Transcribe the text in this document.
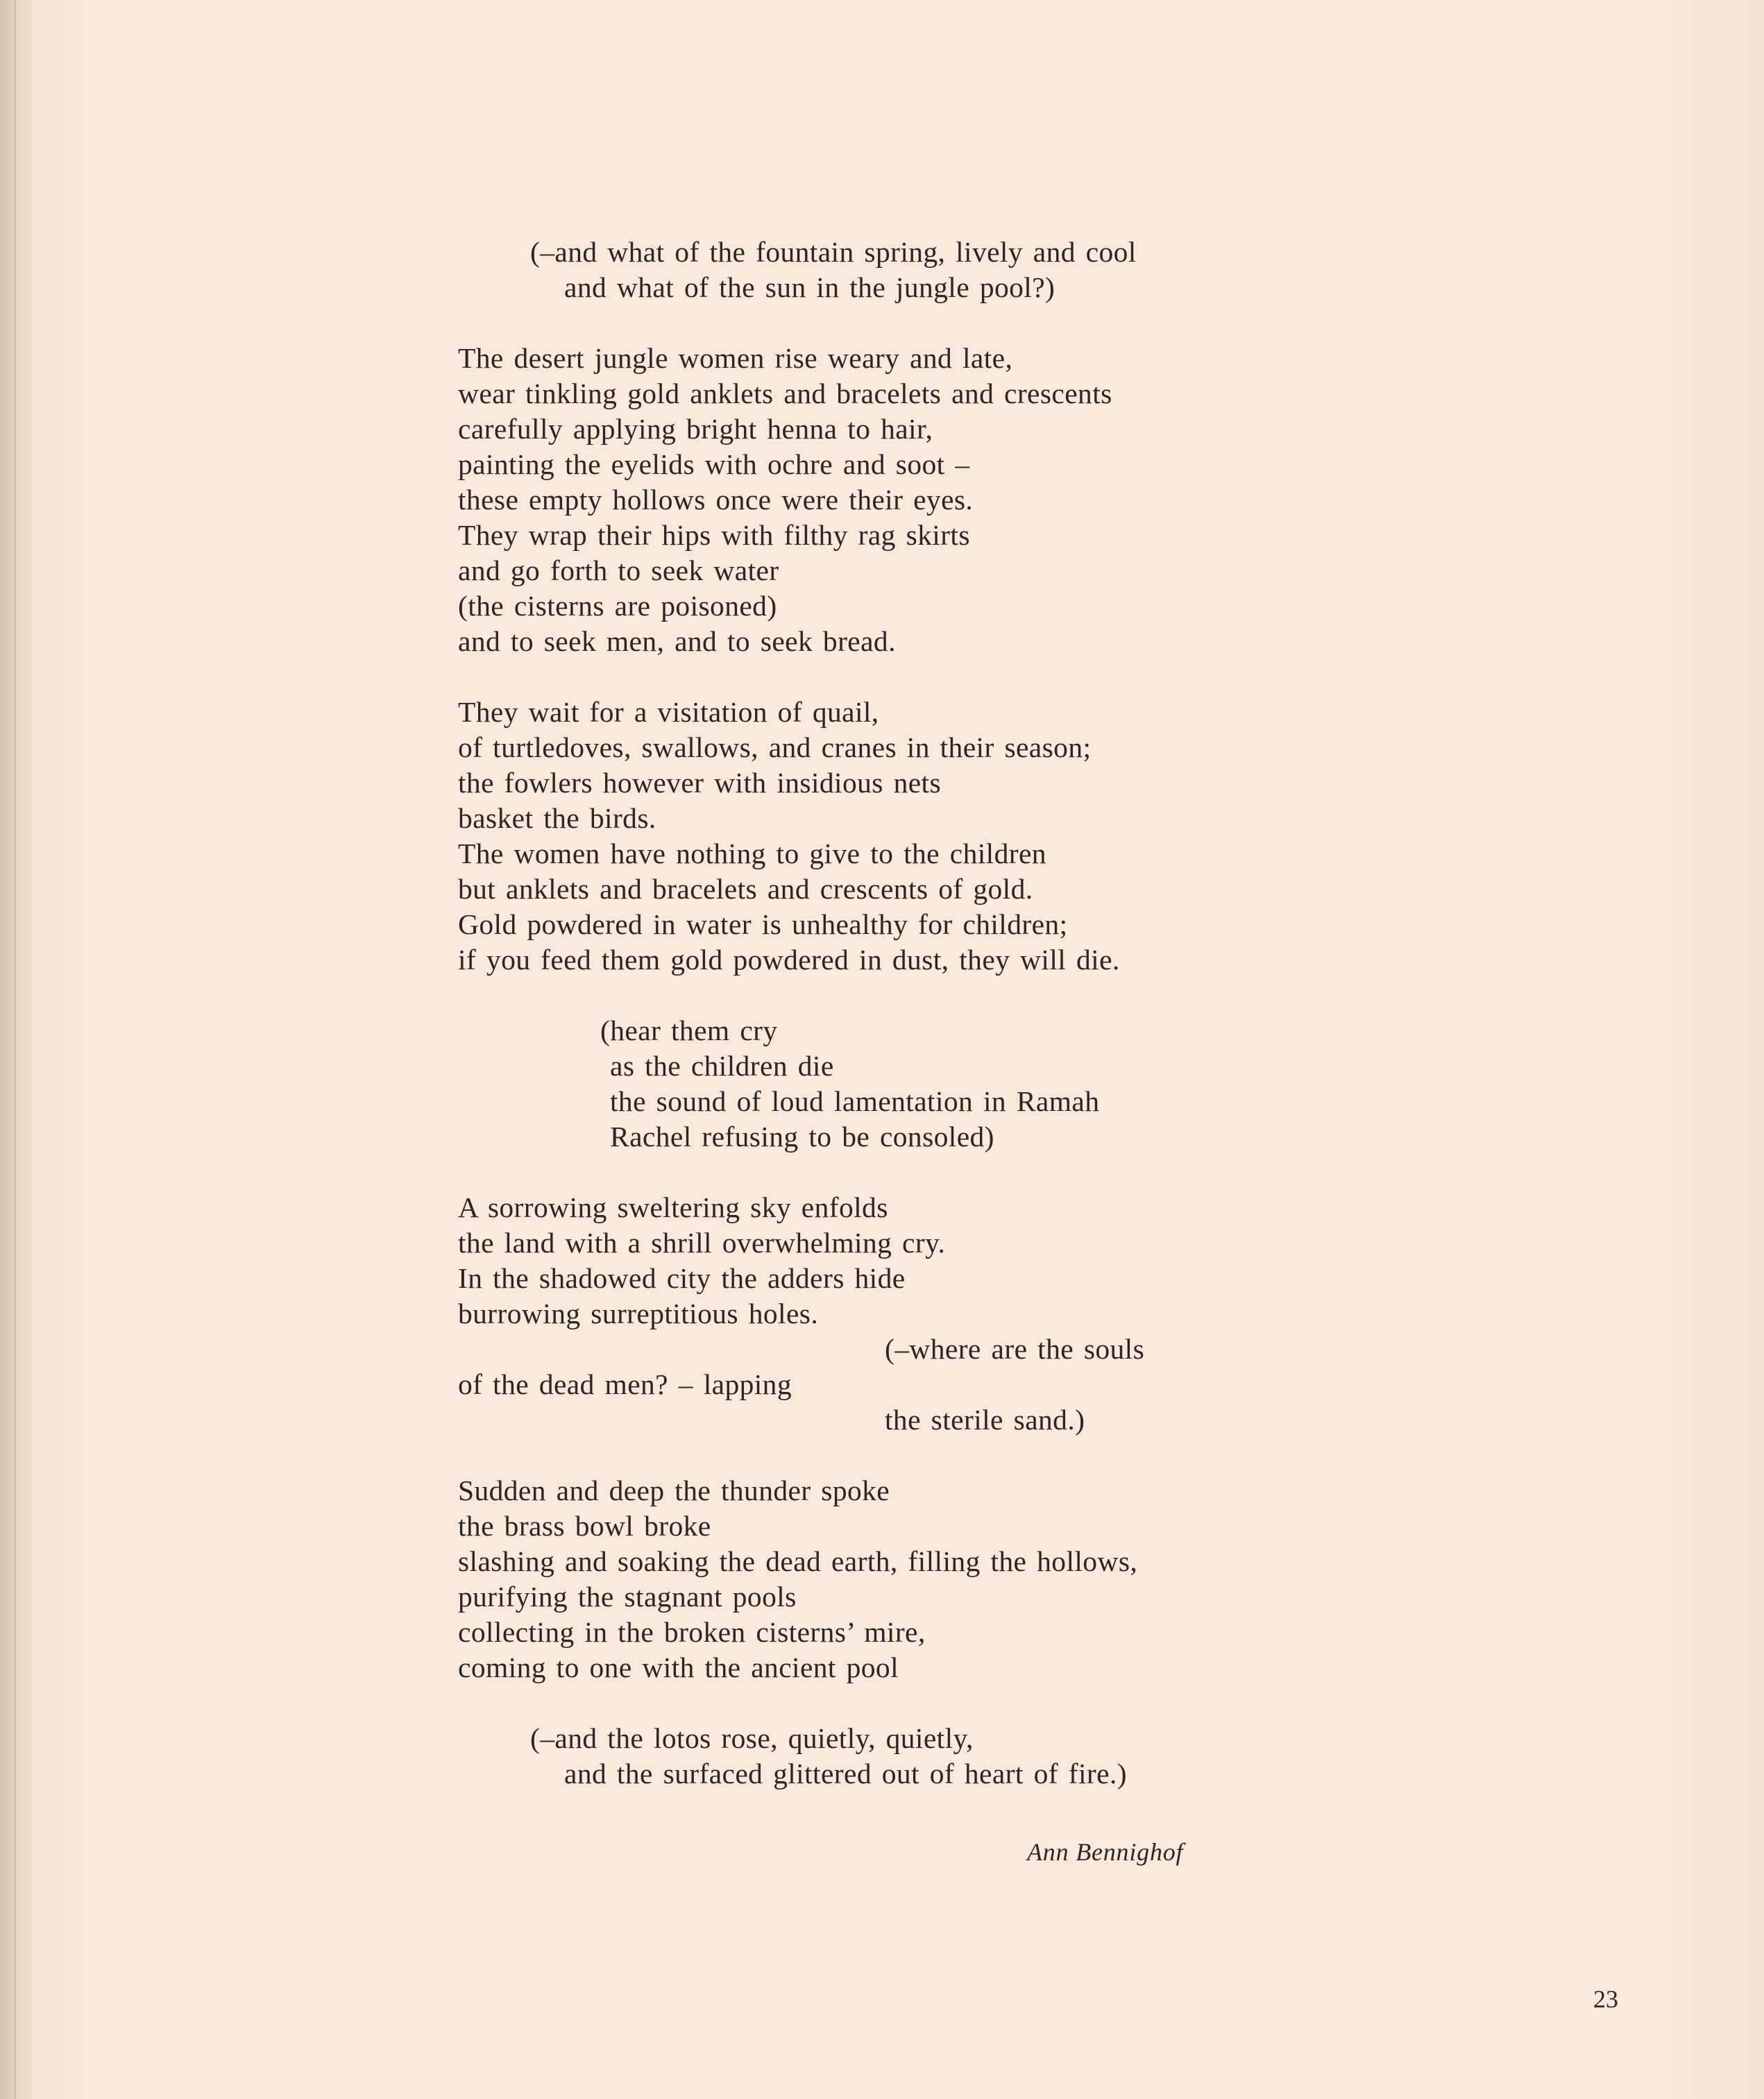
(–and what of the fountain spring, lively and cool
and what of the sun in the jungle pool?)
The desert jungle women rise weary and late,
wear tinkling gold anklets and bracelets and crescents
carefully applying bright henna to hair,
painting the eyelids with ochre and soot –
these empty hollows once were their eyes.
They wrap their hips with filthy rag skirts
and go forth to seek water
(the cisterns are poisoned)
and to seek men, and to seek bread.
They wait for a visitation of quail,
of turtledoves, swallows, and cranes in their season;
the fowlers however with insidious nets
basket the birds.
The women have nothing to give to the children
but anklets and bracelets and crescents of gold.
Gold powdered in water is unhealthy for children;
if you feed them gold powdered in dust, they will die.
(hear them cry
as the children die
the sound of loud lamentation in Ramah
Rachel refusing to be consoled)
A sorrowing sweltering sky enfolds
the land with a shrill overwhelming cry.
In the shadowed city the adders hide
burrowing surreptitious holes.
(–where are the souls
of the dead men? – lapping
the sterile sand.)
Sudden and deep the thunder spoke
the brass bowl broke
slashing and soaking the dead earth, filling the hollows,
purifying the stagnant pools
collecting in the broken cisterns’ mire,
coming to one with the ancient pool
(–and the lotos rose, quietly, quietly,
and the surfaced glittered out of heart of fire.)
Ann Bennighof
23
